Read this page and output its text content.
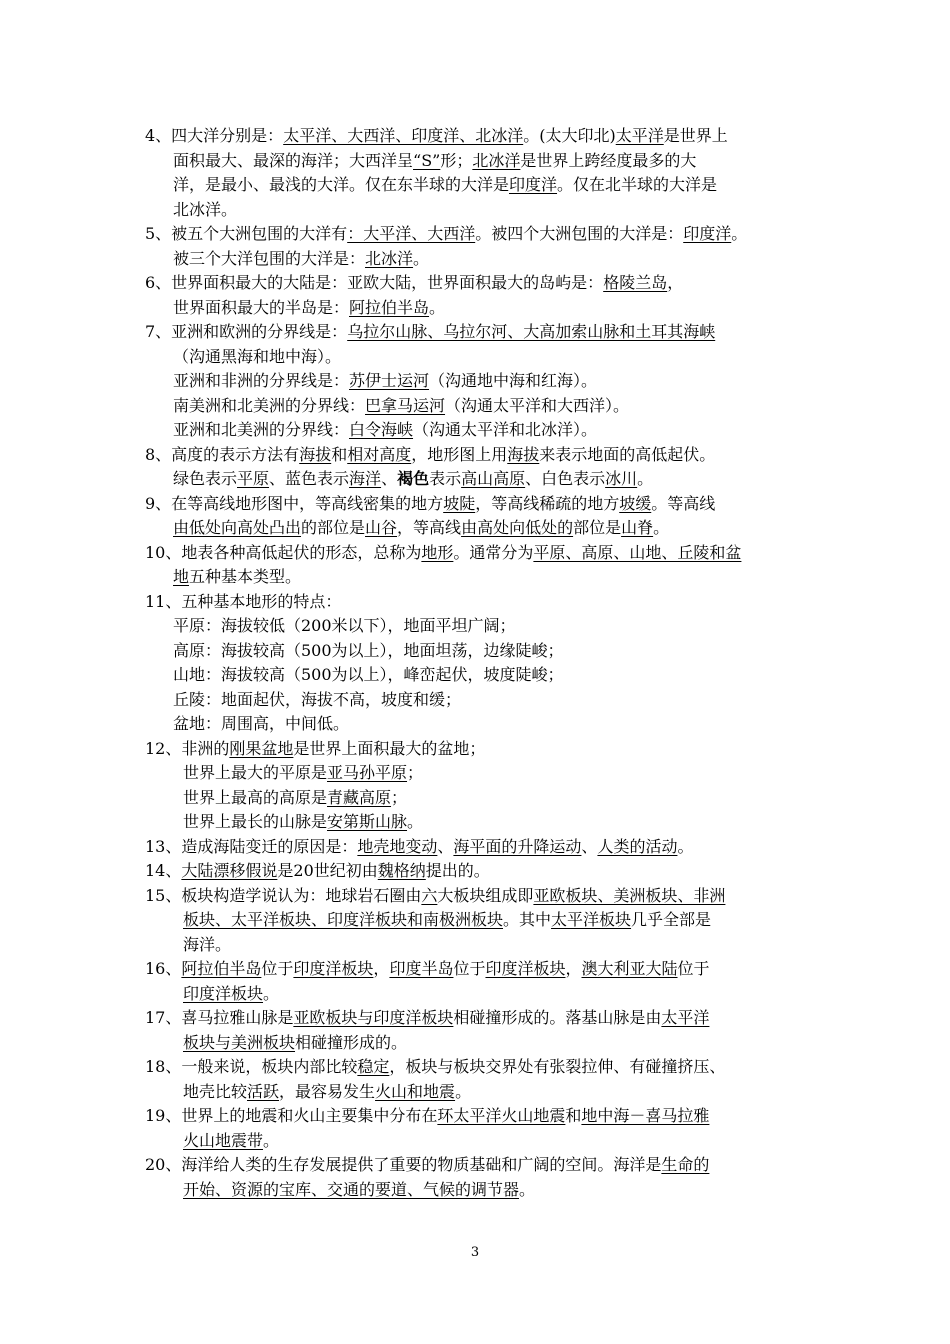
4、四大洋分别是：太平洋、大西洋、印度洋、北冰洋。(太大印北)太平洋是世界上
面积最大、最深的海洋；大西洋呈“S”形；北冰洋是世界上跨经度最多的大
洋，是最小、最浅的大洋。仅在东半球的大洋是印度洋。仅在北半球的大洋是
北冰洋。
5、被五个大洲包围的大洋有：大平洋、大西洋。被四个大洲包围的大洋是：印度洋。
被三个大洋包围的大洋是：北冰洋。
6、世界面积最大的大陆是：亚欧大陆，世界面积最大的岛屿是：格陵兰岛，
世界面积最大的半岛是：阿拉伯半岛。
7、亚洲和欧洲的分界线是：乌拉尔山脉、乌拉尔河、大高加索山脉和土耳其海峡
（沟通黑海和地中海）。
亚洲和非洲的分界线是：苏伊士运河（沟通地中海和红海）。
南美洲和北美洲的分界线：巴拿马运河（沟通太平洋和大西洋）。
亚洲和北美洲的分界线：白令海峡（沟通太平洋和北冰洋）。
8、高度的表示方法有海拔和相对高度，地形图上用海拔来表示地面的高低起伏。
绿色表示平原、蓝色表示海洋、褐色表示高山高原、白色表示冰川。
9、在等高线地形图中，等高线密集的地方坡陡，等高线稀疏的地方坡缓。等高线
由低处向高处凸出的部位是山谷，等高线由高处向低处的部位是山脊。
10、地表各种高低起伏的形态，总称为地形。通常分为平原、高原、山地、丘陵和盆
地五种基本类型。
11、五种基本地形的特点：
平原：海拔较低（200米以下），地面平坦广阔；
高原：海拔较高（500为以上），地面坦荡，边缘陡峻；
山地：海拔较高（500为以上），峰峦起伏，坡度陡峻；
丘陵：地面起伏，海拔不高，坡度和缓；
盆地：周围高，中间低。
12、非洲的刚果盆地是世界上面积最大的盆地；
世界上最大的平原是亚马孙平原；
世界上最高的高原是青藏高原；
世界上最长的山脉是安第斯山脉。
13、造成海陆变迁的原因是：地壳地变动、海平面的升降运动、人类的活动。
14、大陆漂移假说是20世纪初由魏格纳提出的。
15、板块构造学说认为：地球岩石圈由六大板块组成即亚欧板块、美洲板块、非洲
板块、太平洋板块、印度洋板块和南极洲板块。其中太平洋板块几乎全部是
海洋。
16、阿拉伯半岛位于印度洋板块，印度半岛位于印度洋板块，澳大利亚大陆位于
印度洋板块。
17、喜马拉雅山脉是亚欧板块与印度洋板块相碰撞形成的。落基山脉是由太平洋
板块与美洲板块相碰撞形成的。
18、一般来说，板块内部比较稳定，板块与板块交界处有张裂拉伸、有碰撞挤压、
地壳比较活跃，最容易发生火山和地震。
19、世界上的地震和火山主要集中分布在环太平洋火山地震和地中海－喜马拉雅
火山地震带。
20、海洋给人类的生存发展提供了重要的物质基础和广阔的空间。海洋是生命的
开始、资源的宝库、交通的要道、气候的调节器。
3
